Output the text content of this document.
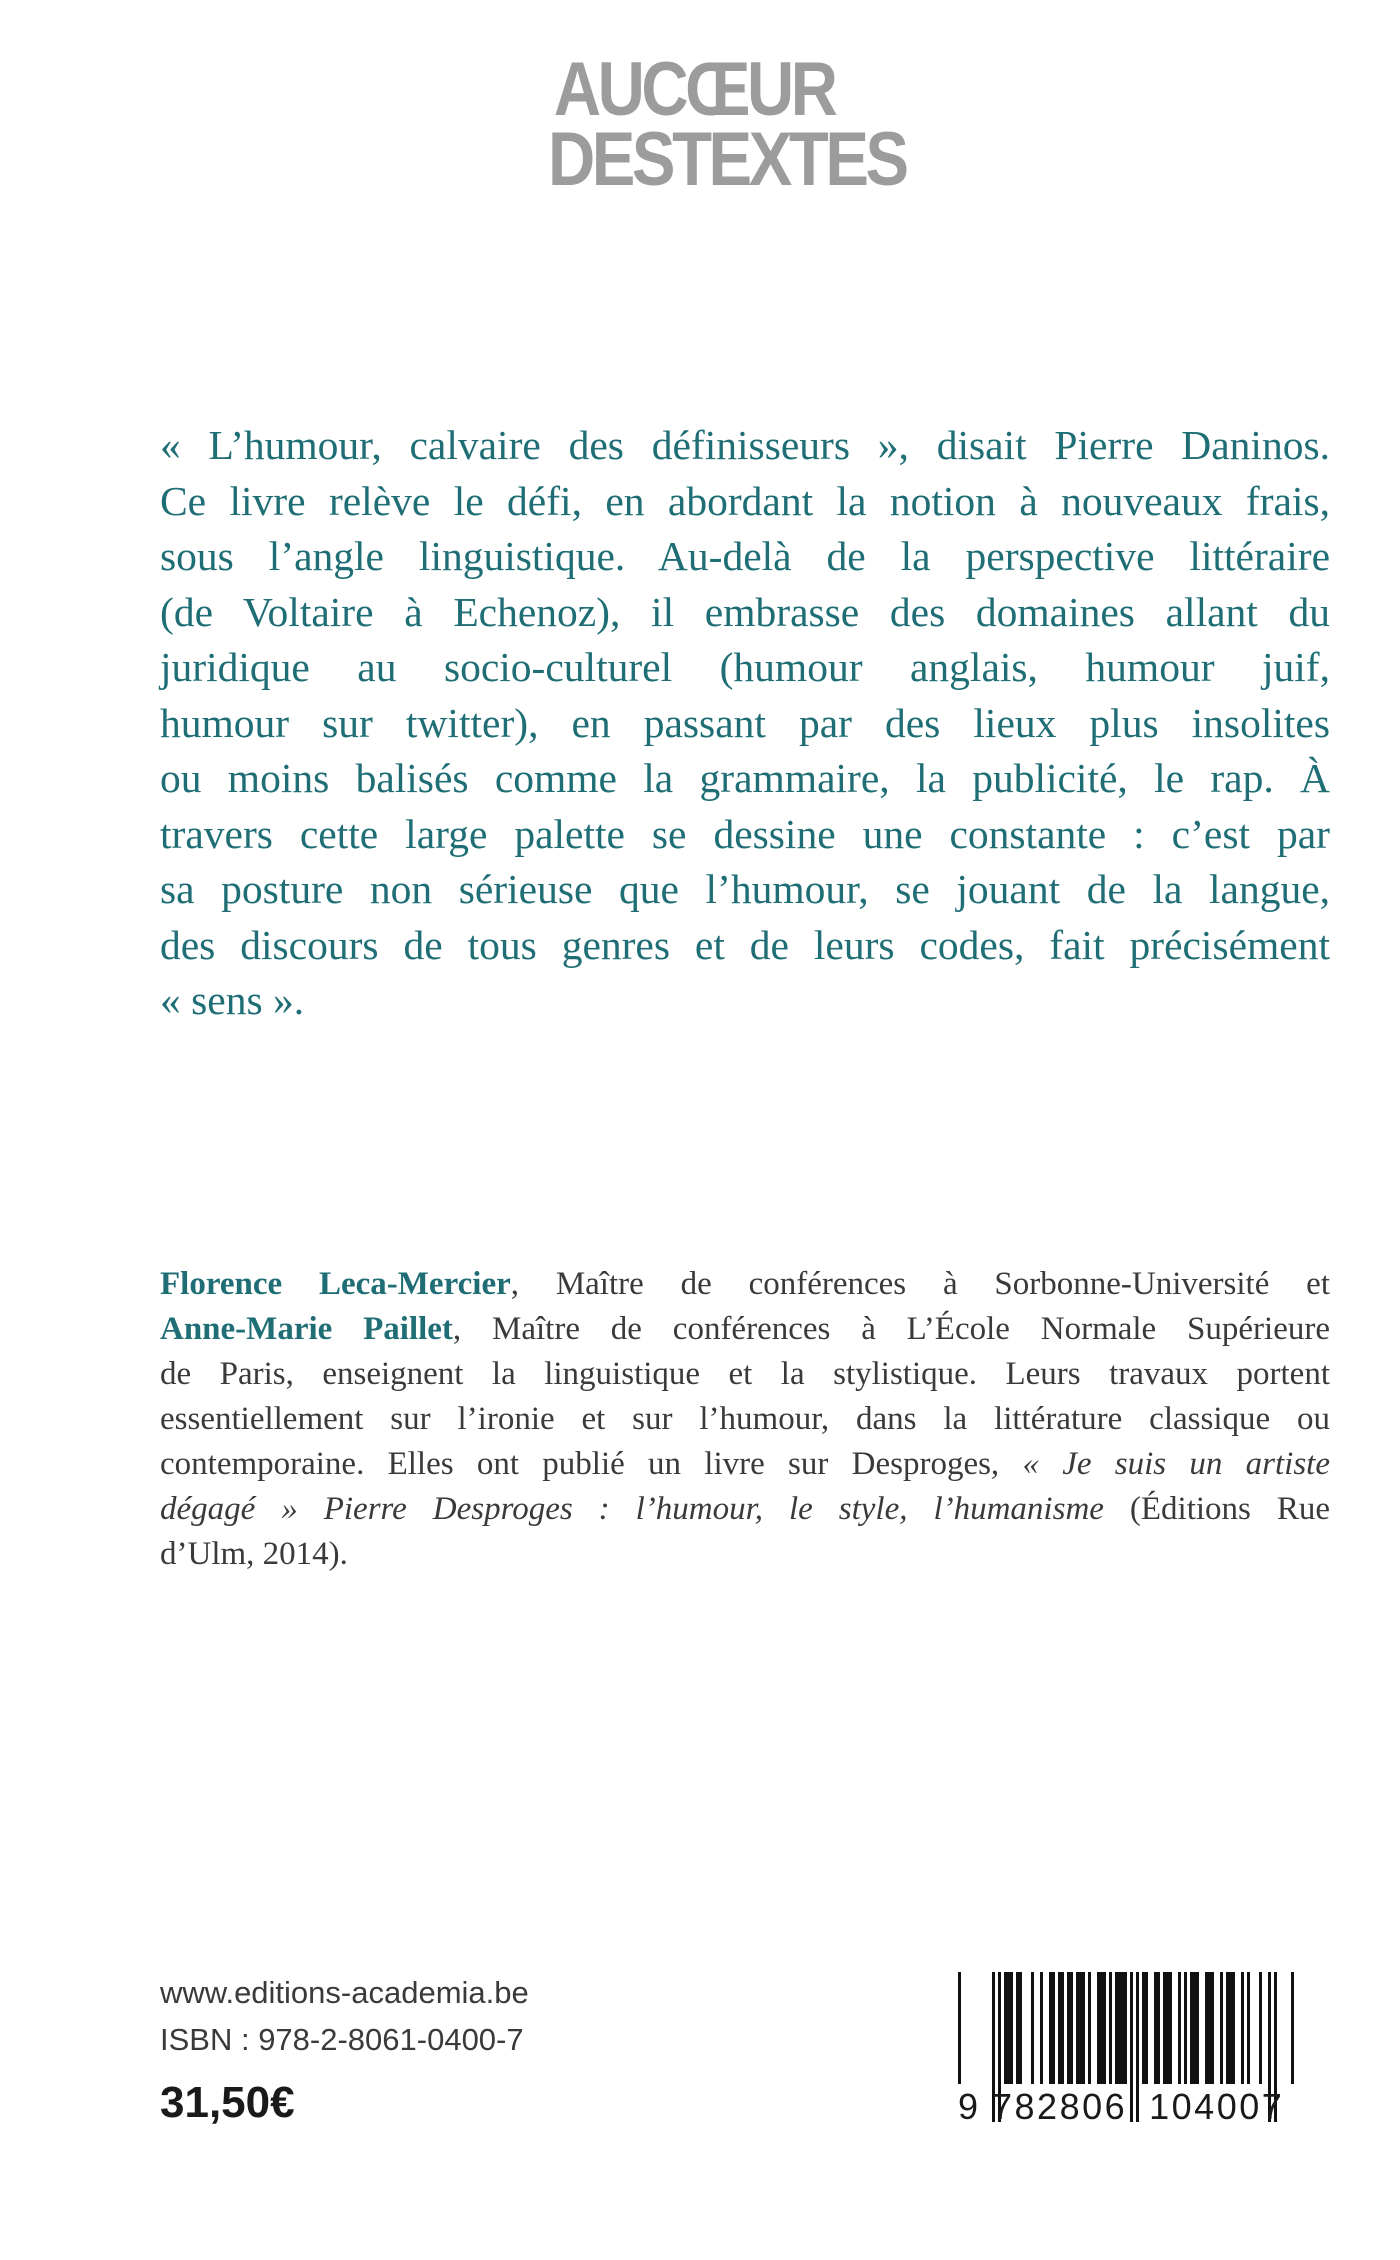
AUCŒUR
DESTEXTES
« L’humour, calvaire des définisseurs », disait Pierre Daninos.
Ce livre relève le défi, en abordant la notion à nouveaux frais,
sous l’angle linguistique. Au-delà de la perspective littéraire
(de Voltaire à Echenoz), il embrasse des domaines allant du
juridique au socio-culturel (humour anglais, humour juif,
humour sur twitter), en passant par des lieux plus insolites
ou moins balisés comme la grammaire, la publicité, le rap. À
travers cette large palette se dessine une constante : c’est par
sa posture non sérieuse que l’humour, se jouant de la langue,
des discours de tous genres et de leurs codes, fait précisément
« sens ».
Florence Leca-Mercier, Maître de conférences à Sorbonne-Université et
Anne-Marie Paillet, Maître de conférences à L’École Normale Supérieure
de Paris, enseignent la linguistique et la stylistique. Leurs travaux portent
essentiellement sur l’ironie et sur l’humour, dans la littérature classique ou
contemporaine. Elles ont publié un livre sur Desproges, « Je suis un artiste
dégagé » Pierre Desproges : l’humour, le style, l’humanisme (Éditions Rue
d’Ulm, 2014).
www.editions-academia.be
ISBN : 978-2-8061-0400-7
31,50€	9 782806 104007
